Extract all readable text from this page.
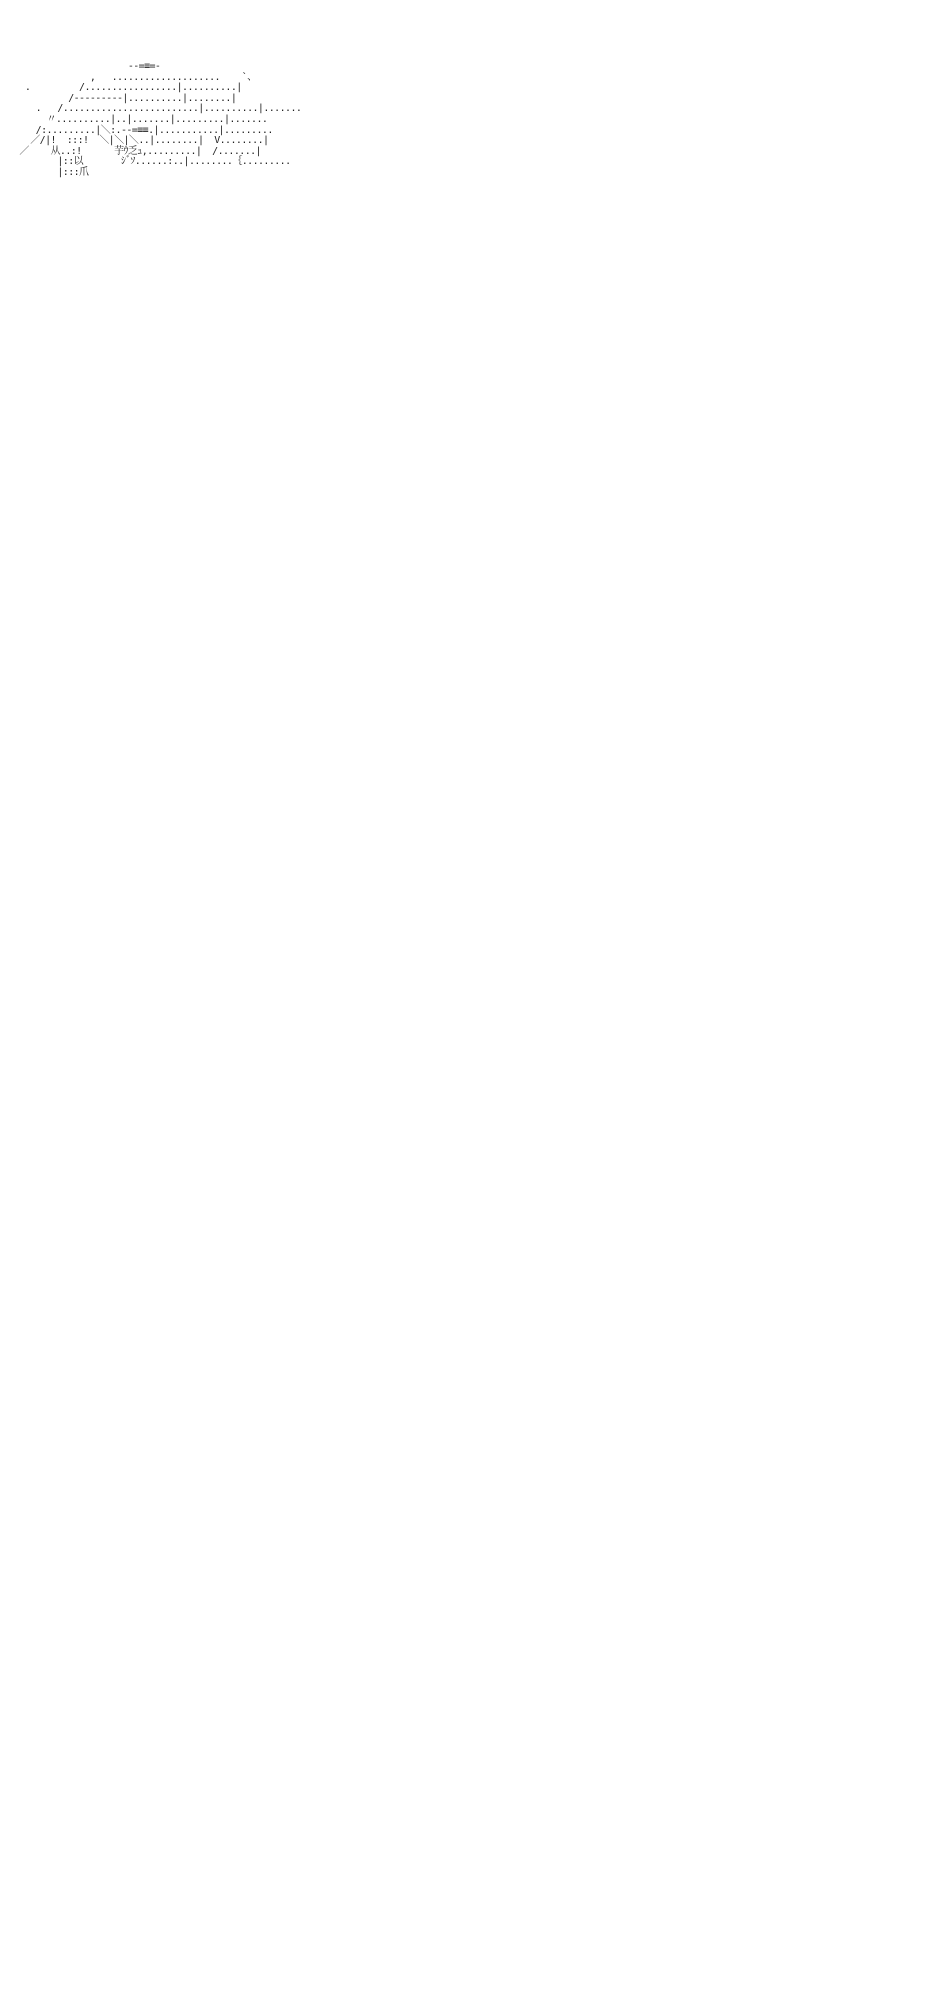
--=≡=-
,   ....................    `、
.         /.................|..........|
/‐‐‐‐‐‐‐‐‐|..........|........|
.   /.........................|..........|.......
〃..........|..|.......|.........|.......
/:.........|＼:.--=≡≡.|...........|.........
／/|!  :::!  ＼|＼|＼..|........|  V........|
／    从..:!      芋ｳ乏ｭ,.........|  /.......|
|::以       ｼﾞｿ......:..|........｛.........
|:::爪
